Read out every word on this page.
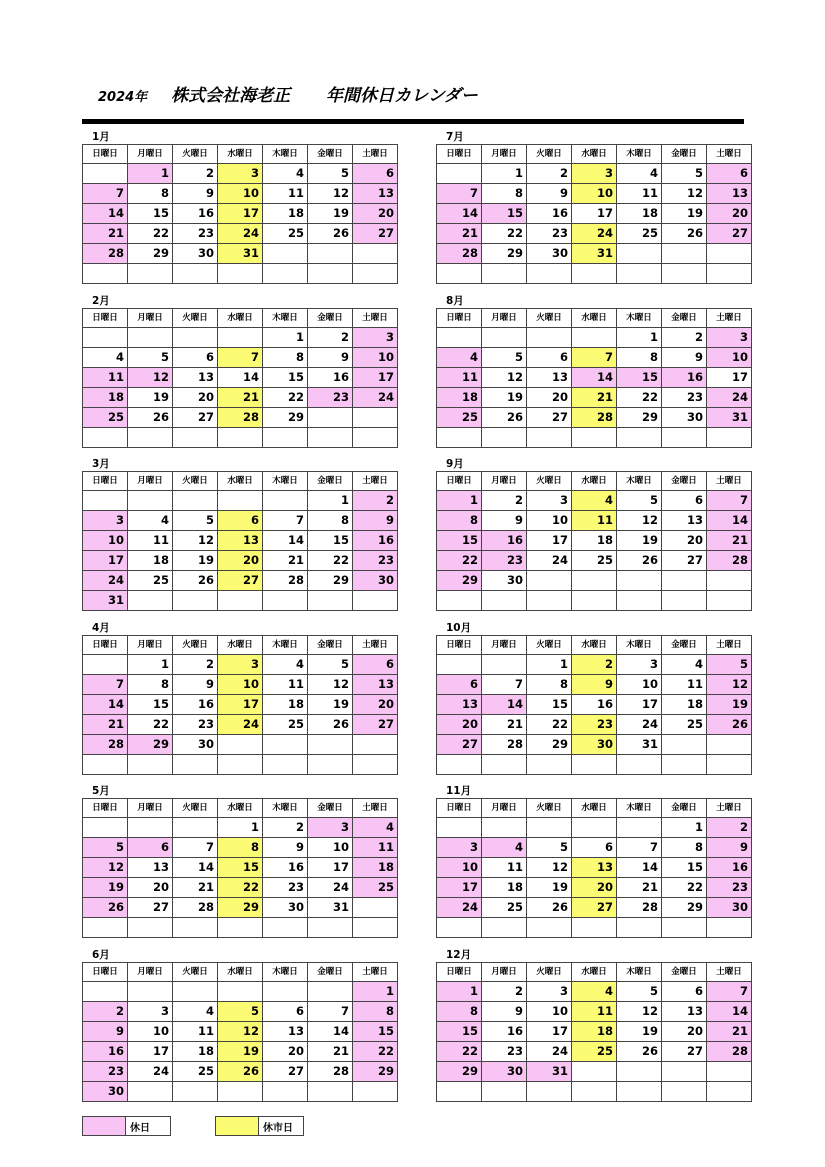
2024年 株式会社海老正 年間休日カレンダー
1月
日曜日	月曜日	火曜日	水曜日	木曜日	金曜日	土曜日
	1	2	3	4	5	6
7	8	9	10	11	12	13
14	15	16	17	18	19	20
21	22	23	24	25	26	27
28	29	30	31			

2月
日曜日	月曜日	火曜日	水曜日	木曜日	金曜日	土曜日
				1	2	3
4	5	6	7	8	9	10
11	12	13	14	15	16	17
18	19	20	21	22	23	24
25	26	27	28	29		

3月
日曜日	月曜日	火曜日	水曜日	木曜日	金曜日	土曜日
					1	2
3	4	5	6	7	8	9
10	11	12	13	14	15	16
17	18	19	20	21	22	23
24	25	26	27	28	29	30
31						
4月
日曜日	月曜日	火曜日	水曜日	木曜日	金曜日	土曜日
	1	2	3	4	5	6
7	8	9	10	11	12	13
14	15	16	17	18	19	20
21	22	23	24	25	26	27
28	29	30				

5月
日曜日	月曜日	火曜日	水曜日	木曜日	金曜日	土曜日
			1	2	3	4
5	6	7	8	9	10	11
12	13	14	15	16	17	18
19	20	21	22	23	24	25
26	27	28	29	30	31	

6月
日曜日	月曜日	火曜日	水曜日	木曜日	金曜日	土曜日
						1
2	3	4	5	6	7	8
9	10	11	12	13	14	15
16	17	18	19	20	21	22
23	24	25	26	27	28	29
30						
7月
日曜日	月曜日	火曜日	水曜日	木曜日	金曜日	土曜日
	1	2	3	4	5	6
7	8	9	10	11	12	13
14	15	16	17	18	19	20
21	22	23	24	25	26	27
28	29	30	31			

8月
日曜日	月曜日	火曜日	水曜日	木曜日	金曜日	土曜日
				1	2	3
4	5	6	7	8	9	10
11	12	13	14	15	16	17
18	19	20	21	22	23	24
25	26	27	28	29	30	31

9月
日曜日	月曜日	火曜日	水曜日	木曜日	金曜日	土曜日
1	2	3	4	5	6	7
8	9	10	11	12	13	14
15	16	17	18	19	20	21
22	23	24	25	26	27	28
29	30					

10月
日曜日	月曜日	火曜日	水曜日	木曜日	金曜日	土曜日
		1	2	3	4	5
6	7	8	9	10	11	12
13	14	15	16	17	18	19
20	21	22	23	24	25	26
27	28	29	30	31		

11月
日曜日	月曜日	火曜日	水曜日	木曜日	金曜日	土曜日
					1	2
3	4	5	6	7	8	9
10	11	12	13	14	15	16
17	18	19	20	21	22	23
24	25	26	27	28	29	30

12月
日曜日	月曜日	火曜日	水曜日	木曜日	金曜日	土曜日
1	2	3	4	5	6	7
8	9	10	11	12	13	14
15	16	17	18	19	20	21
22	23	24	25	26	27	28
29	30	31				

休日	休市日
